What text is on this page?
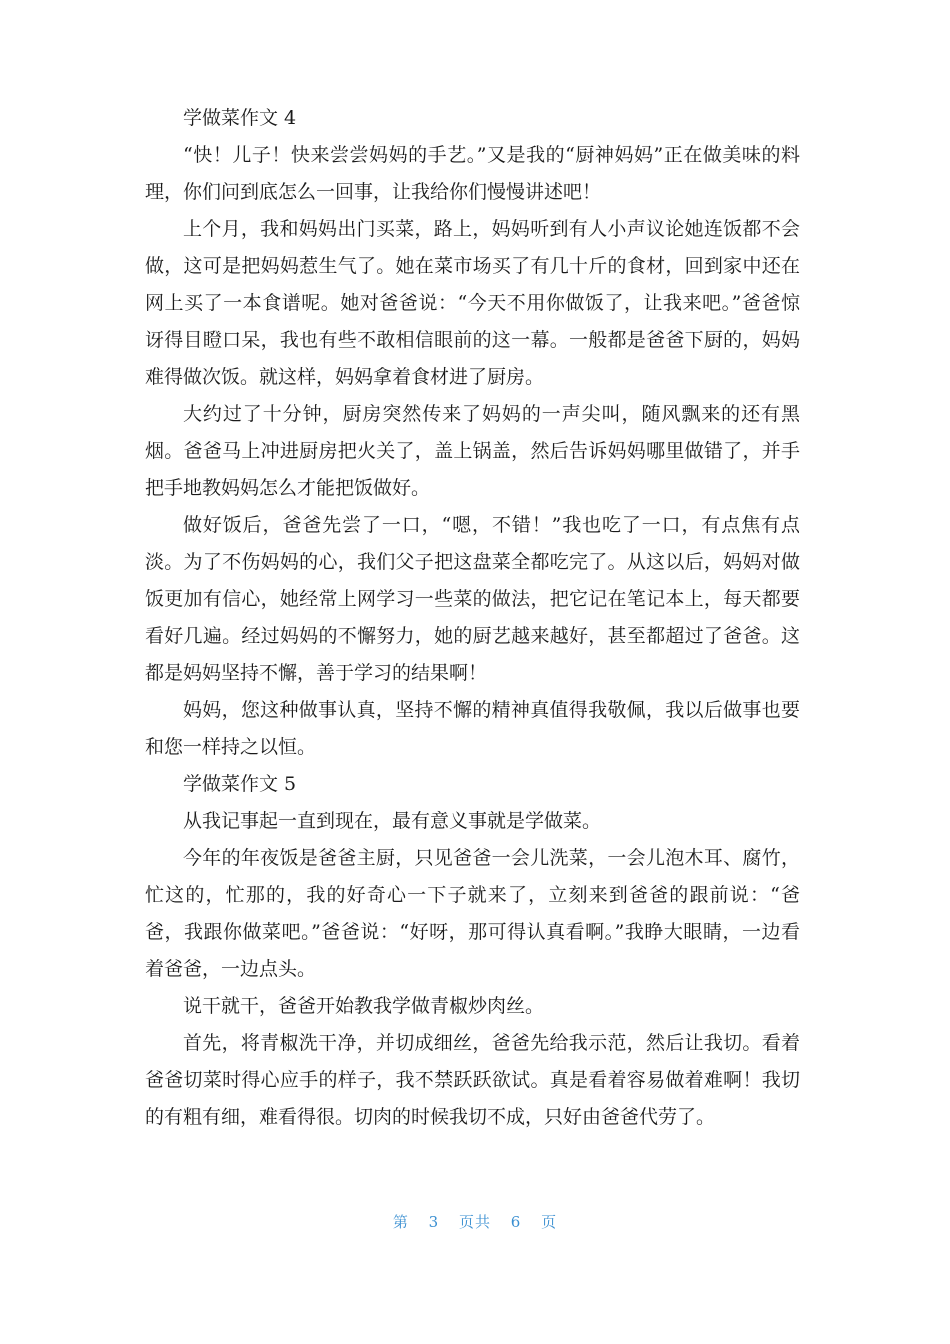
学做菜作文 4

“快！儿子！快来尝尝妈妈的手艺。”又是我的“厨神妈妈”正在做美味的料理，你们问到底怎么一回事，让我给你们慢慢讲述吧！

上个月，我和妈妈出门买菜，路上，妈妈听到有人小声议论她连饭都不会做，这可是把妈妈惹生气了。她在菜市场买了有几十斤的食材，回到家中还在网上买了一本食谱呢。她对爸爸说：“今天不用你做饭了，让我来吧。”爸爸惊讶得目瞪口呆，我也有些不敢相信眼前的这一幕。一般都是爸爸下厨的，妈妈难得做次饭。就这样，妈妈拿着食材进了厨房。

大约过了十分钟，厨房突然传来了妈妈的一声尖叫，随风飘来的还有黑烟。爸爸马上冲进厨房把火关了，盖上锅盖，然后告诉妈妈哪里做错了，并手把手地教妈妈怎么才能把饭做好。

做好饭后，爸爸先尝了一口，“嗯，不错！”我也吃了一口，有点焦有点淡。为了不伤妈妈的心，我们父子把这盘菜全都吃完了。从这以后，妈妈对做饭更加有信心，她经常上网学习一些菜的做法，把它记在笔记本上，每天都要看好几遍。经过妈妈的不懈努力，她的厨艺越来越好，甚至都超过了爸爸。这都是妈妈坚持不懈，善于学习的结果啊！

妈妈，您这种做事认真，坚持不懈的精神真值得我敬佩，我以后做事也要和您一样持之以恒。

学做菜作文 5

从我记事起一直到现在，最有意义事就是学做菜。

今年的年夜饭是爸爸主厨，只见爸爸一会儿洗菜，一会儿泡木耳、腐竹，忙这的，忙那的，我的好奇心一下子就来了，立刻来到爸爸的跟前说：“爸爸，我跟你做菜吧。”爸爸说：“好呀，那可得认真看啊。”我睁大眼睛，一边看着爸爸，一边点头。

说干就干，爸爸开始教我学做青椒炒肉丝。

首先，将青椒洗干净，并切成细丝，爸爸先给我示范，然后让我切。看着爸爸切菜时得心应手的样子，我不禁跃跃欲试。真是看着容易做着难啊！我切的有粗有细，难看得很。切肉的时候我切不成，只好由爸爸代劳了。

第 3 页共 6 页
